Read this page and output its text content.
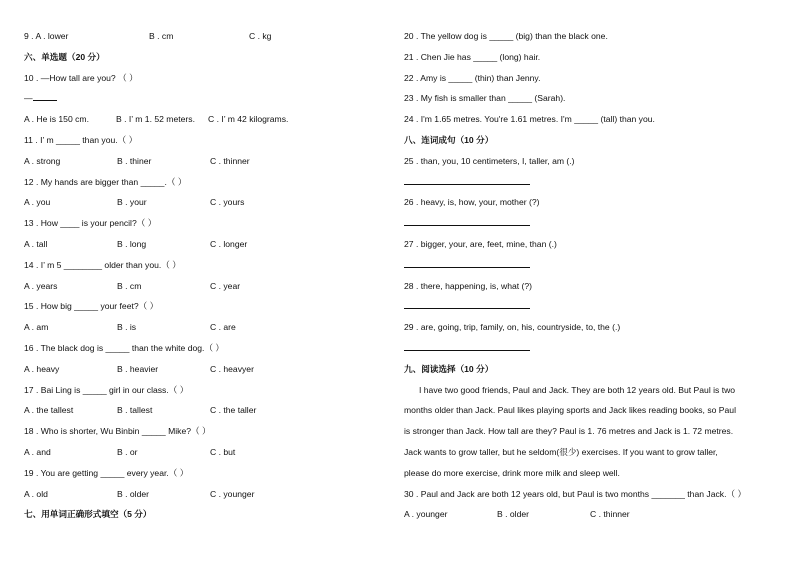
9 . A . lower	B . cm	C . kg
六、单选题（20 分）
10 . —How tall are you? （ ）
—
A . He is 150 cm.	B . I’ m 1. 52 meters. C . I’ m 42 kilograms.
11 . I’ m _____ than you.（ ）
A . strong	B . thiner	C . thinner
12 . My hands are bigger than _____.（ ）
A . you	B . your	C . yours
13 . How ____ is your pencil?（ ）
A . tall	B . long	C . longer
14 . I’ m 5 ________ older than you.（ ）
A . years	B . cm	C . year
15 . How big _____ your feet?（ ）
A . am	B . is	C . are
16 . The black dog is _____ than the white dog.（ ）
A . heavy	B . heavier	C . heavyer
17 . Bai Ling is _____ girl in our class.（ ）
A . the tallest	B . tallest	C . the taller
18 . Who is shorter, Wu Binbin _____ Mike?（ ）
A . and	B . or	C . but
19 . You are getting _____ every year.（ ）
A . old	B . older	C . younger
七、用单词正确形式填空（5 分）
20 . The yellow dog is _____ (big) than the black one.
21 . Chen Jie has _____ (long) hair.
22 . Amy is _____ (thin) than Jenny.
23 . My fish is smaller than _____ (Sarah).
24 . I'm 1.65 metres. You're 1.61 metres. I'm _____ (tall) than you.
八、连词成句（10 分）
25 . than, you, 10 centimeters, I, taller, am (.)
26 . heavy, is, how, your, mother (?)
27 . bigger, your, are, feet, mine, than (.)
28 . there, happening, is, what (?)
29 . are, going, trip, family, on, his, countryside, to, the (.)
九、阅读选择（10 分）
I have two good friends, Paul and Jack. They are both 12 years old. But Paul is two
months older than Jack. Paul likes playing sports and Jack likes reading books, so Paul
is stronger than Jack. How tall are they? Paul is 1. 76 metres and Jack is 1. 72 metres.
Jack wants to grow taller, but he seldom(很少) exercises. If you want to grow taller,
please do more exercise, drink more milk and sleep well.
30 . Paul and Jack are both 12 years old, but Paul is two months _______ than Jack.（ ）
A . younger	B . older	C . thinner
